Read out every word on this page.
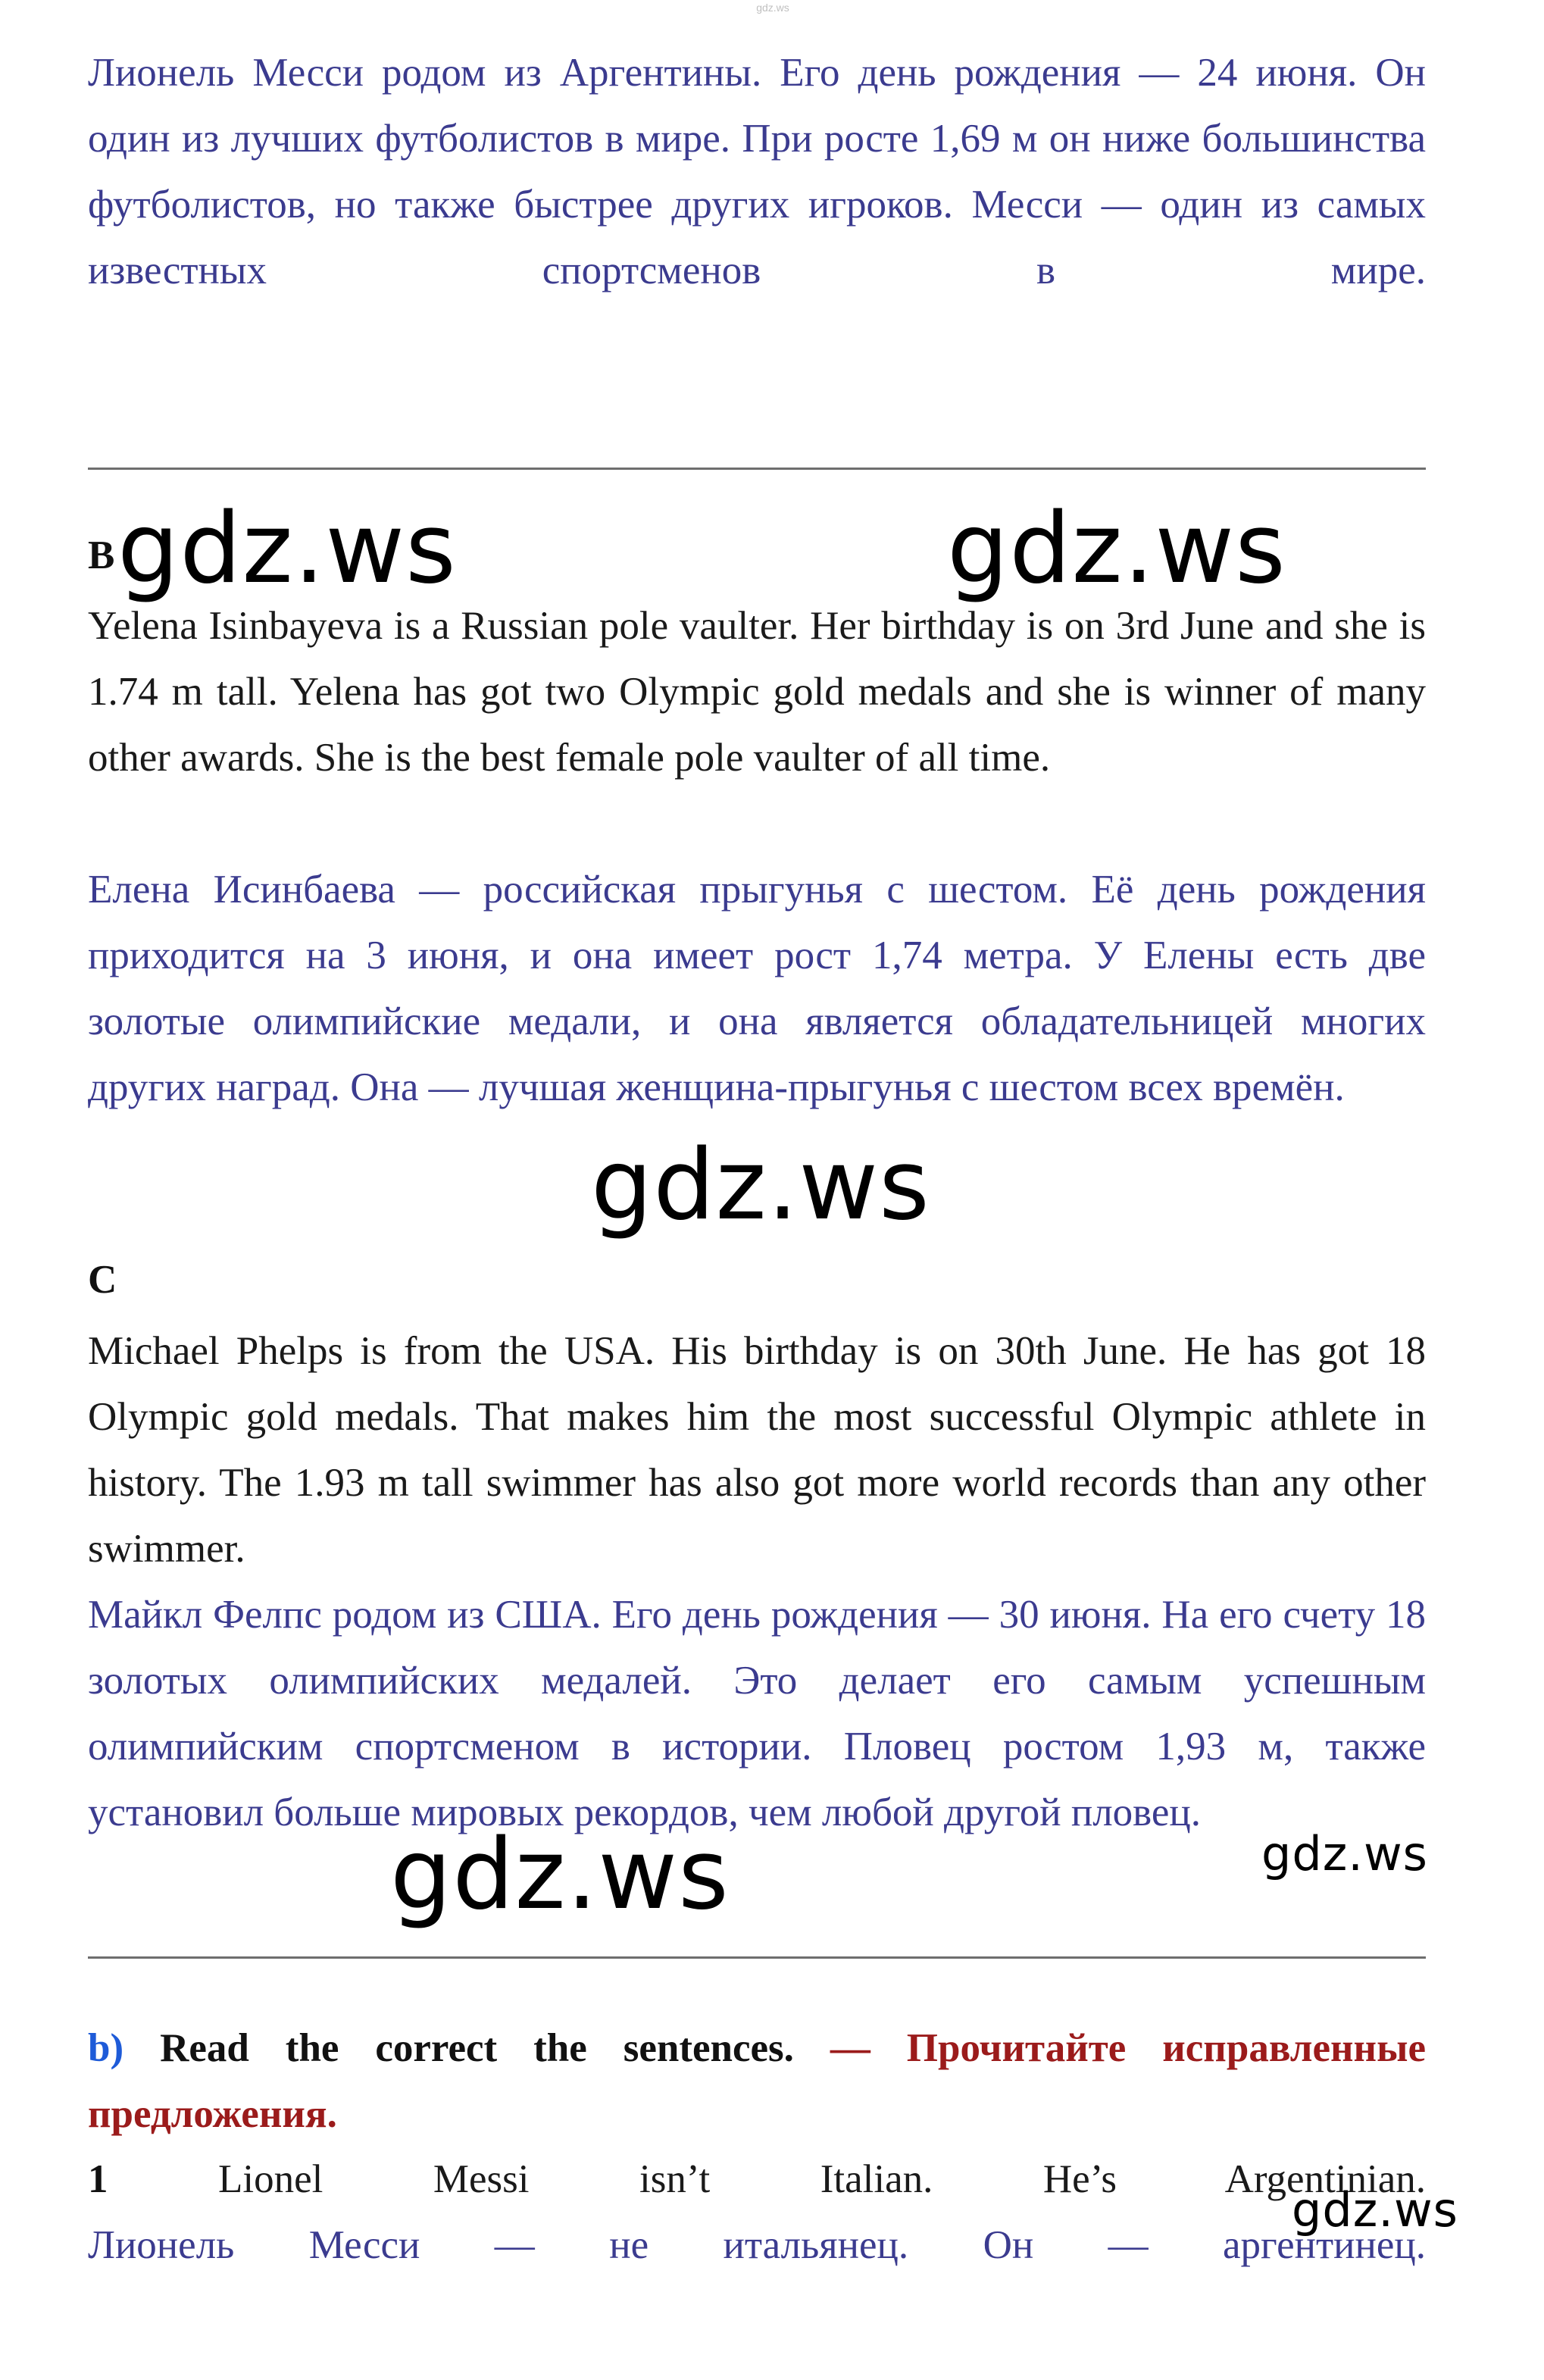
gdz.ws

Лионель Месси родом из Аргентины. Его день рождения — 24 июня. Он один из лучших футболистов в мире. При росте 1,69 м он ниже большинства футболистов, но также быстрее других игроков. Месси — один из самых известных спортсменов в мире.

B gdz.ws	gdz.ws

Yelena Isinbayeva is a Russian pole vaulter. Her birthday is on 3rd June and she is 1.74 m tall. Yelena has got two Olympic gold medals and she is winner of many other awards. She is the best female pole vaulter of all time.

Елена Исинбаева — российская прыгунья с шестом. Её день рождения приходится на 3 июня, и она имеет рост 1,74 метра. У Елены есть две золотые олимпийские медали, и она является обладательницей многих других наград. Она — лучшая женщина-прыгунья с шестом всех времён.

gdz.ws
C

Michael Phelps is from the USA. His birthday is on 30th June. He has got 18 Olympic gold medals. That makes him the most successful Olympic athlete in history. The 1.93 m tall swimmer has also got more world records than any other swimmer.

Майкл Фелпс родом из США. Его день рождения — 30 июня. На его счету 18 золотых олимпийских медалей. Это делает его самым успешным олимпийским спортсменом в истории. Пловец ростом 1,93 м, также установил больше мировых рекордов, чем любой другой пловец.

gdz.ws	gdz.ws

b) Read the correct the sentences. — Прочитайте исправленные предложения.

1	Lionel Messi isn’t Italian. He’s Argentinian.

Лионель Месси — не итальянец. Он — аргентинец.

gdz.ws
